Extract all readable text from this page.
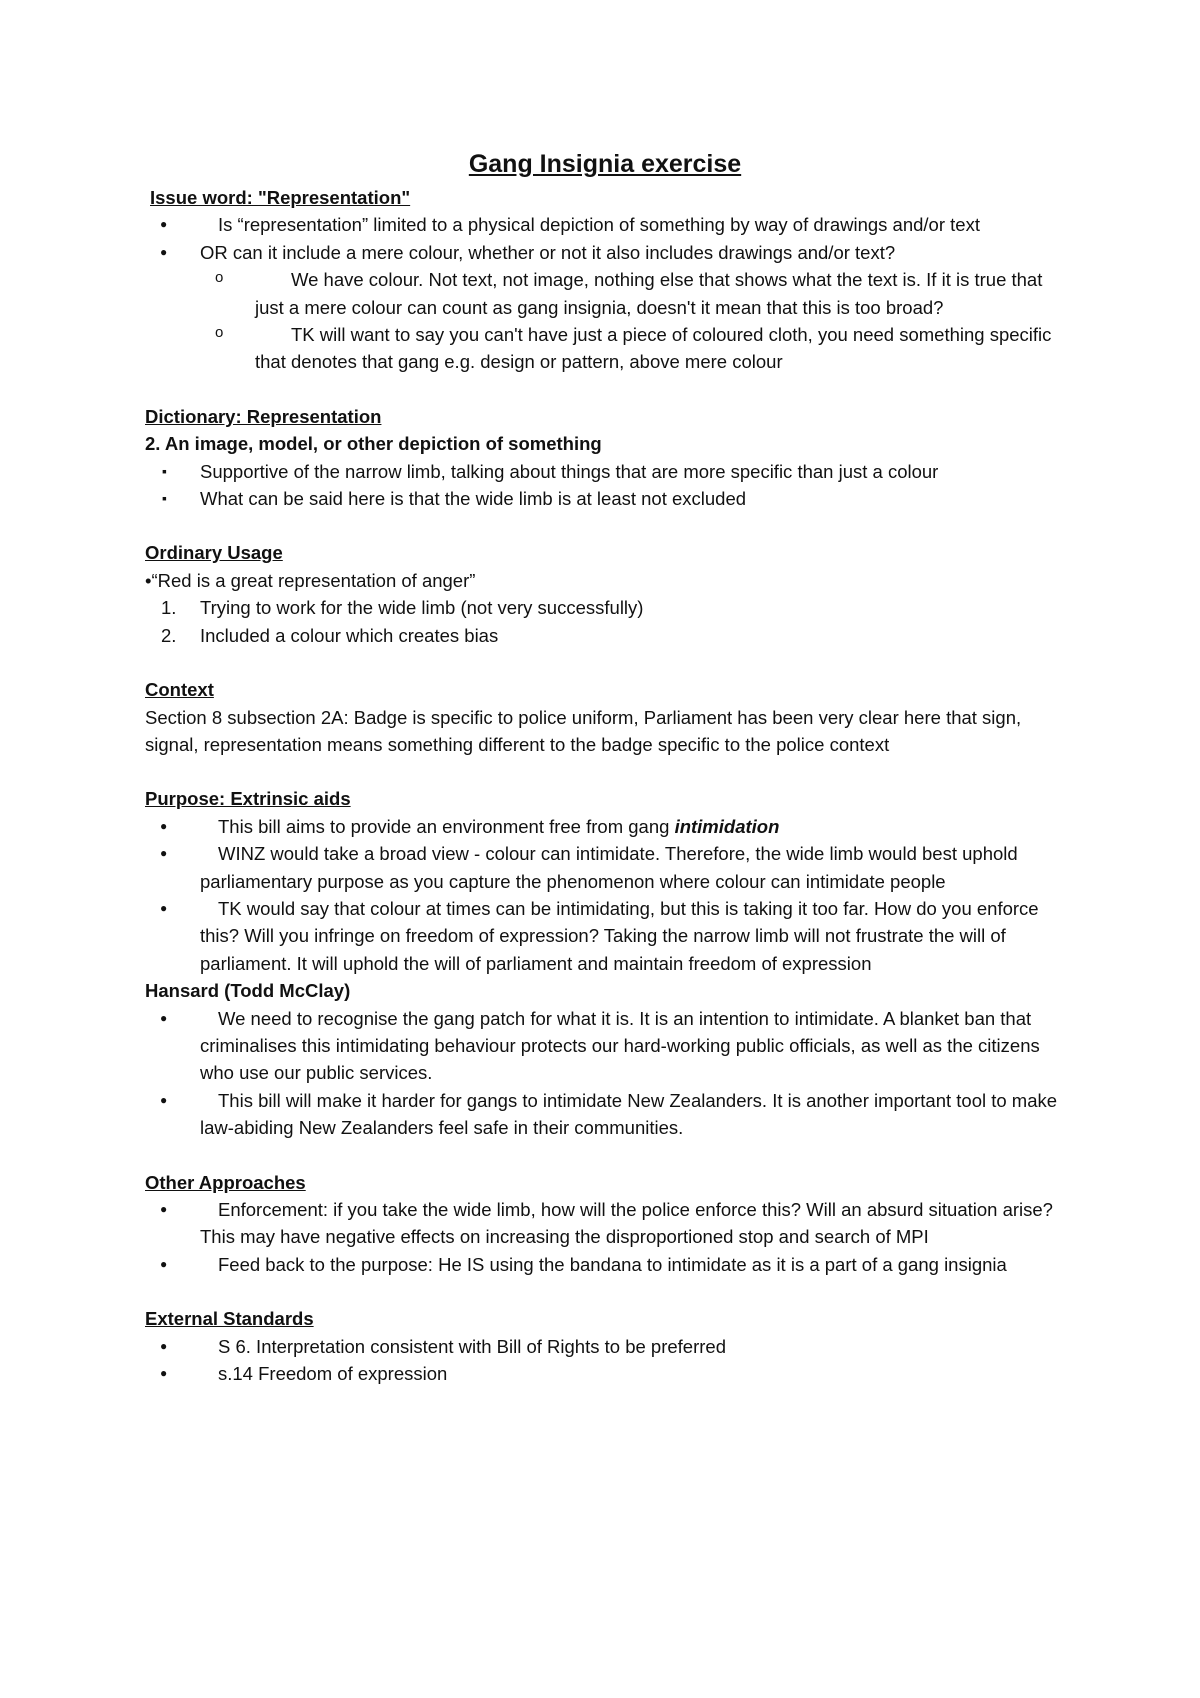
Gang Insignia exercise

Issue word: "Representation"

● Is “representation” limited to a physical depiction of something by way of drawings and/or text
● OR can it include a mere colour, whether or not it also includes drawings and/or text?
o We have colour. Not text, not image, nothing else that shows what the text is. If it is true that just a mere colour can count as gang insignia, doesn't it mean that this is too broad?
o TK will want to say you can't have just a piece of coloured cloth, you need something specific that denotes that gang e.g. design or pattern, above mere colour

Dictionary: Representation

2. An image, model, or other depiction of something

▪ Supportive of the narrow limb, talking about things that are more specific than just a colour
▪ What can be said here is that the wide limb is at least not excluded

Ordinary Usage

• “Red is a great representation of anger”

1. Trying to work for the wide limb (not very successfully)
2. Included a colour which creates bias

Context

Section 8 subsection 2A: Badge is specific to police uniform, Parliament has been very clear here that sign, signal, representation means something different to the badge specific to the police context

Purpose: Extrinsic aids

● This bill aims to provide an environment free from gang intimidation
● WINZ would take a broad view - colour can intimidate. Therefore, the wide limb would best uphold parliamentary purpose as you capture the phenomenon where colour can intimidate people
● TK would say that colour at times can be intimidating, but this is taking it too far. How do you enforce this? Will you infringe on freedom of expression? Taking the narrow limb will not frustrate the will of parliament. It will uphold the will of parliament and maintain freedom of expression

Hansard (Todd McClay)

● We need to recognise the gang patch for what it is. It is an intention to intimidate. A blanket ban that criminalises this intimidating behaviour protects our hard-working public officials, as well as the citizens who use our public services.
● This bill will make it harder for gangs to intimidate New Zealanders. It is another important tool to make law-abiding New Zealanders feel safe in their communities.

Other Approaches

● Enforcement: if you take the wide limb, how will the police enforce this? Will an absurd situation arise? This may have negative effects on increasing the disproportioned stop and search of MPI
● Feed back to the purpose: He IS using the bandana to intimidate as it is a part of a gang insignia

External Standards

● S 6. Interpretation consistent with Bill of Rights to be preferred
● s.14 Freedom of expression
